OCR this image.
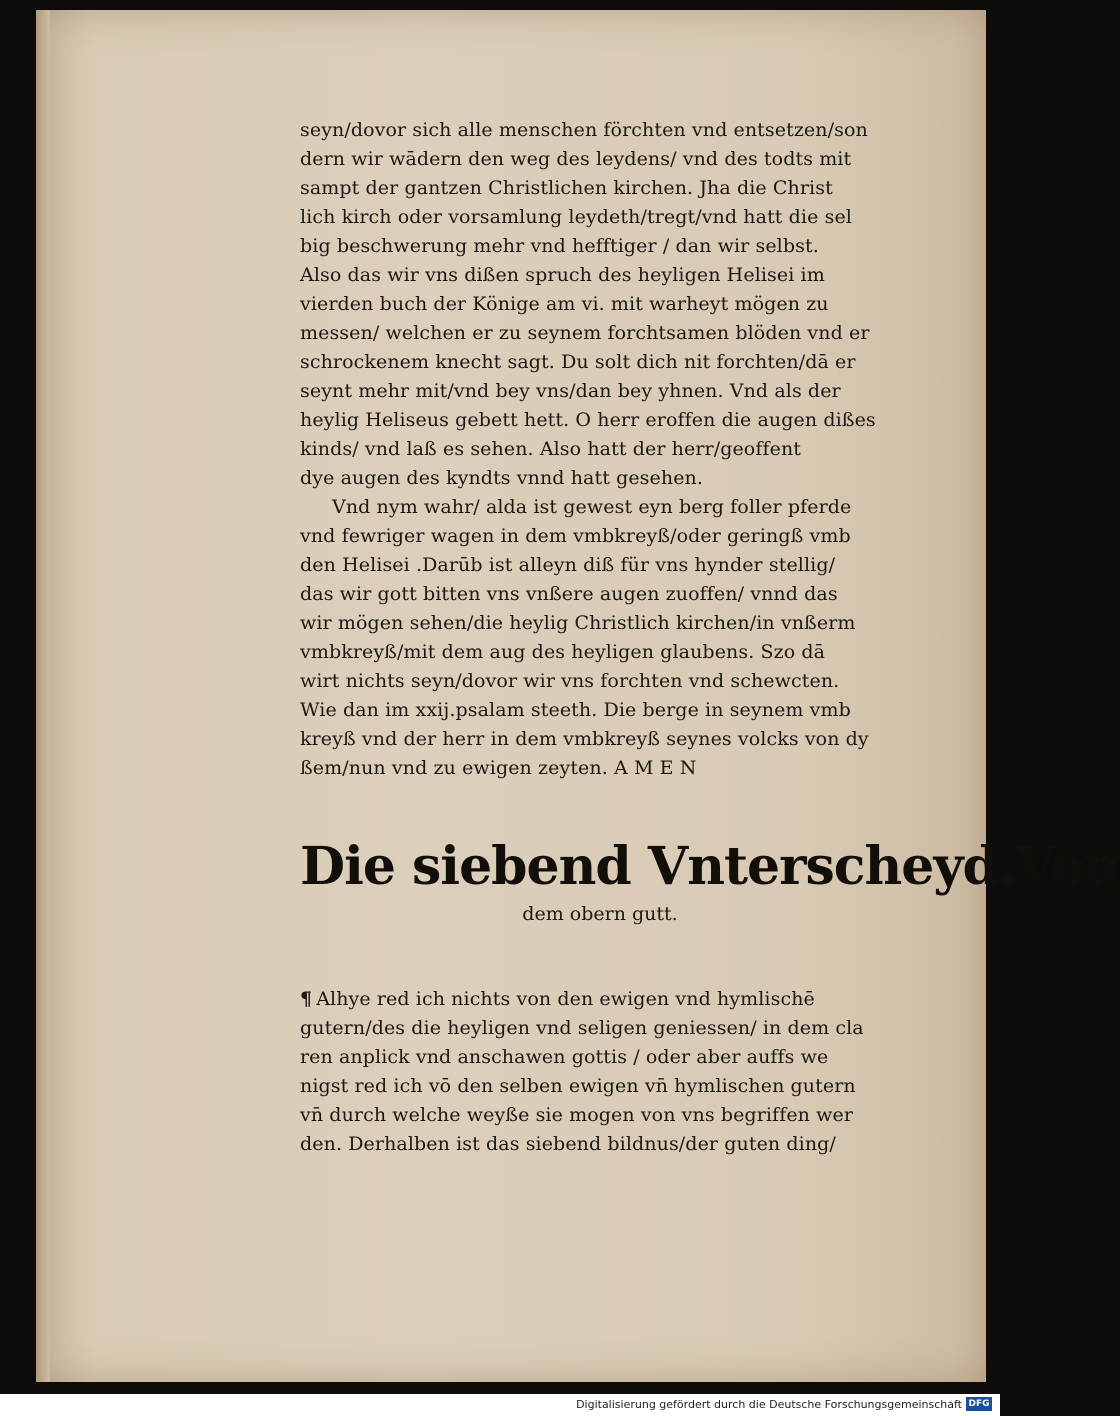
seyn/dovor sich alle menschen förchten vnd entsetzen/son
dern wir wādern den weg des leydens/ vnd des todts mit
sampt der gantzen Christlichen kirchen. Jha die Christ
lich kirch oder vorsamlung leydeth/tregt/vnd hatt die sel
big beschwerung mehr vnd hefftiger / dan wir selbst.
Also das wir vns dißen spruch des heyligen Helisei im
vierden buch der Könige am vi. mit warheyt mögen zu
messen/ welchen er zu seynem forchtsamen blöden vnd er
schrockenem knecht sagt. Du solt dich nit forchten/dā er
seynt mehr mit/vnd bey vns/dan bey yhnen. Vnd als der
heylig Heliseus gebett hett. O herr eroffen die augen dißes
kinds/ vnd laß es sehen. Also hatt der herr/geoffent
dye augen des kyndts vnnd hatt gesehen.
Vnd nym wahr/ alda ist gewest eyn berg foller pferde
vnd fewriger wagen in dem vmbkreyß/oder geringß vmb
den Helisei .Darūb ist alleyn diß für vns hynder stellig/
das wir gott bitten vns vnßere augen zuoffen/ vnnd das
wir mögen sehen/die heylig Christlich kirchen/in vnßerm
vmbkreyß/mit dem aug des heyligen glaubens. Szo dā
wirt nichts seyn/dovor wir vns forchten vnd schewcten.
Wie dan im xxij.psalam steeth. Die berge in seynem vmb
kreyß vnd der herr in dem vmbkreyß seynes volcks von dy
ßem/nun vnd zu ewigen zeyten. A M E N
Die siebend Vnterscheyd.Von
dem obern gutt.
¶ Alhye red ich nichts von den ewigen vnd hymlischē
gutern/des die heyligen vnd seligen geniessen/ in dem cla
ren anplick vnd anschawen gottis / oder aber auffs we
nigst red ich vō den selben ewigen vn̄ hymlischen gutern
vn̄ durch welche weyße sie mogen von vns begriffen wer
den. Derhalben ist das siebend bildnus/der guten ding/
Digitalisierung gefördert durch die Deutsche Forschungsgemeinschaft DFG
